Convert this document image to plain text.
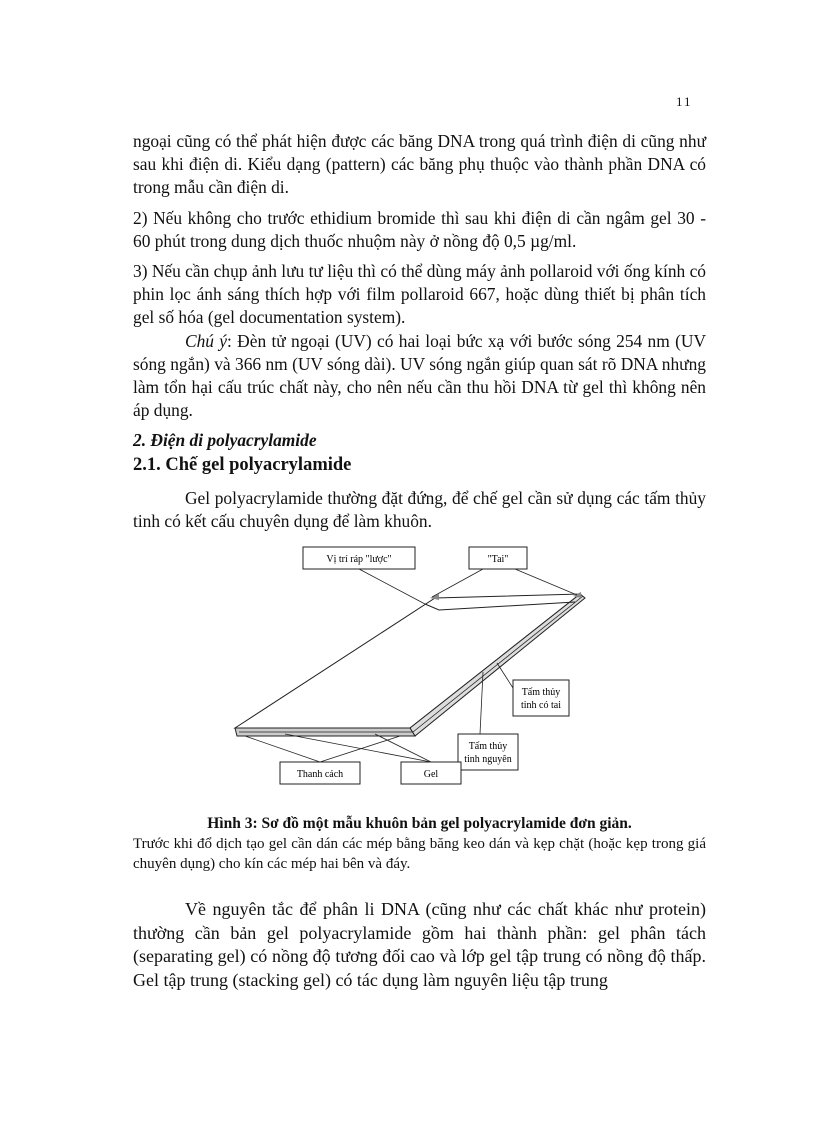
11

ngoại cũng có thể phát hiện được các băng DNA trong quá trình điện di cũng như sau khi điện di. Kiểu dạng (pattern) các băng phụ thuộc vào thành phần DNA có trong mẫu cần điện di.

2) Nếu không cho trước ethidium bromide thì sau khi điện di cần ngâm gel 30 - 60 phút trong dung dịch thuốc nhuộm này ở nồng độ 0,5 µg/ml.

3) Nếu cần chụp ảnh lưu tư liệu thì có thể dùng máy ảnh pollaroid với ống kính có phin lọc ánh sáng thích hợp với film pollaroid 667, hoặc dùng thiết bị phân tích gel số hóa (gel documentation system).

Chú ý: Đèn tử ngoại (UV) có hai loại bức xạ với bước sóng 254 nm (UV sóng ngắn) và 366 nm (UV sóng dài). UV sóng ngắn giúp quan sát rõ DNA nhưng làm tổn hại cấu trúc chất này, cho nên nếu cần thu hồi DNA từ gel thì không nên áp dụng.

2. Điện di polyacrylamide

2.1. Chế gel polyacrylamide

Gel polyacrylamide thường đặt đứng, để chế gel cần sử dụng các tấm thủy tinh có kết cấu chuyên dụng để làm khuôn.

Vị trí ráp "lược"	"Tai"
Tấm thủy
tinh có tai
Tấm thủy
tinh nguyên
Thanh cách	Gel

Hình 3: Sơ đồ một mẫu khuôn bản gel polyacrylamide đơn giản.

Trước khi đổ dịch tạo gel cần dán các mép bằng băng keo dán và kẹp chặt (hoặc kẹp trong giá chuyên dụng) cho kín các mép hai bên và đáy.

Về nguyên tắc để phân li DNA (cũng như các chất khác như protein) thường cần bản gel polyacrylamide gồm hai thành phần: gel phân tách (separating gel) có nồng độ tương đối cao và lớp gel tập trung có nồng độ thấp. Gel tập trung (stacking gel) có tác dụng làm nguyên liệu tập trung
